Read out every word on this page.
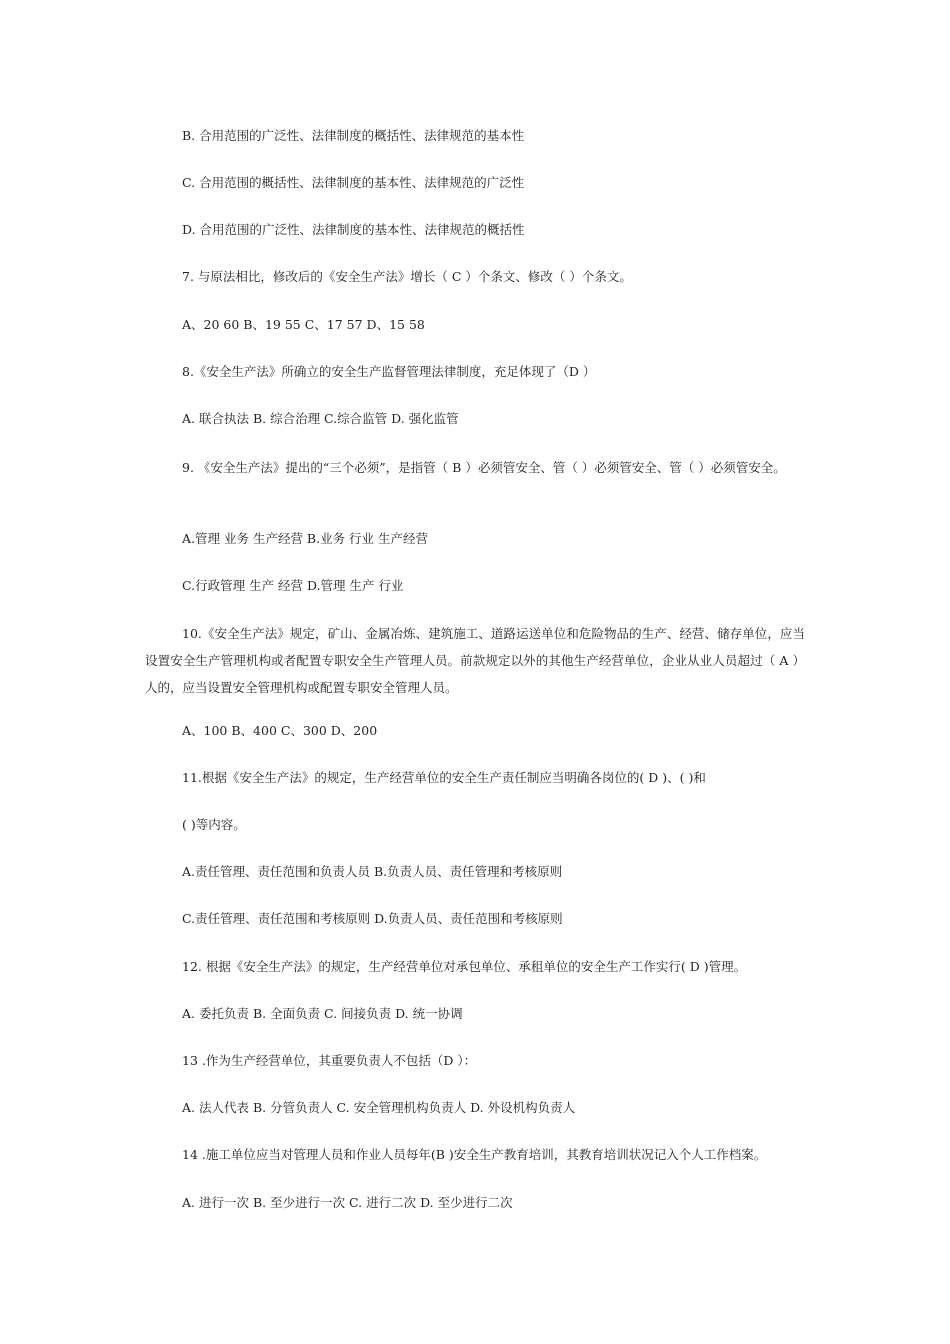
B. 合用范围的广泛性、法律制度的概括性、法律规范的基本性
C. 合用范围的概括性、法律制度的基本性、法律规范的广泛性
D. 合用范围的广泛性、法律制度的基本性、法律规范的概括性
7. 与原法相比，修改后的《安全生产法》增长（ C ）个条文、修改（ ）个条文。
A、20 60 B、19 55 C、17 57 D、15 58
8.《安全生产法》所确立的安全生产监督管理法律制度，充足体现了（D ）
A. 联合执法 B. 综合治理 C.综合监管 D. 强化监管
9. 《安全生产法》提出的“三个必须”，是指管（ B ）必须管安全、管（ ）必须管安全、管（ ）必须管安全。
A.管理 业务 生产经营 B.业务 行业 生产经营
C.行政管理 生产 经营 D.管理 生产 行业
10.《安全生产法》规定，矿山、金属冶炼、建筑施工、道路运送单位和危险物品的生产、经营、储存单位，应当设置安全生产管理机构或者配置专职安全生产管理人员。前款规定以外的其他生产经营单位，企业从业人员超过（ A ）人的，应当设置安全管理机构或配置专职安全管理人员。
A、100 B、400 C、300 D、200
11.根据《安全生产法》的规定，生产经营单位的安全生产责任制应当明确各岗位的( D )、( )和
( )等内容。
A.责任管理、责任范围和负责人员 B.负责人员、责任管理和考核原则
C.责任管理、责任范围和考核原则 D.负责人员、责任范围和考核原则
12. 根据《安全生产法》的规定，生产经营单位对承包单位、承租单位的安全生产工作实行( D )管理。
A. 委托负责 B. 全面负责 C. 间接负责 D. 统一协调
13 .作为生产经营单位，其重要负责人不包括（D ）：
A. 法人代表 B. 分管负责人 C. 安全管理机构负责人 D. 外设机构负责人
14 .施工单位应当对管理人员和作业人员每年(B )安全生产教育培训，其教育培训状况记入个人工作档案。
A. 进行一次 B. 至少进行一次 C. 进行二次 D. 至少进行二次
